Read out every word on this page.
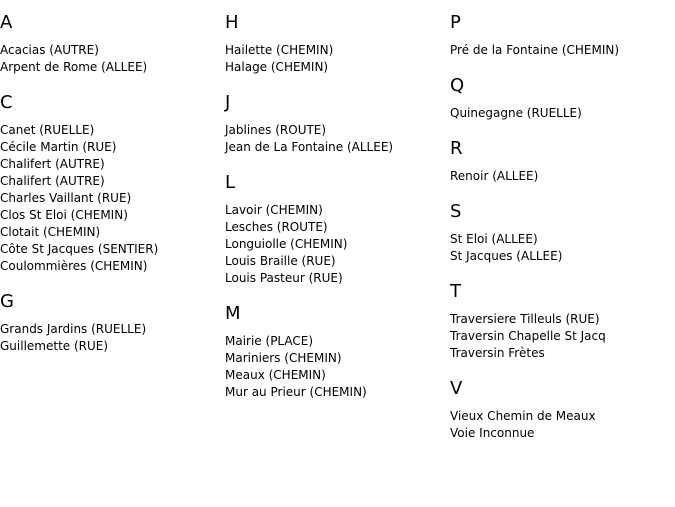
A
Acacias (AUTRE)
Arpent de Rome (ALLEE)
C
Canet (RUELLE)
Cécile Martin (RUE)
Chalifert (AUTRE)
Chalifert (AUTRE)
Charles Vaillant (RUE)
Clos St Eloi (CHEMIN)
Clotait (CHEMIN)
Côte St Jacques (SENTIER)
Coulommières (CHEMIN)
G
Grands Jardins (RUELLE)
Guillemette (RUE)
H
Hailette (CHEMIN)
Halage (CHEMIN)
J
Jablines (ROUTE)
Jean de La Fontaine (ALLEE)
L
Lavoir (CHEMIN)
Lesches (ROUTE)
Longuiolle (CHEMIN)
Louis Braille (RUE)
Louis Pasteur (RUE)
M
Mairie (PLACE)
Mariniers (CHEMIN)
Meaux (CHEMIN)
Mur au Prieur (CHEMIN)
P
Pré de la Fontaine (CHEMIN)
Q
Quinegagne (RUELLE)
R
Renoir (ALLEE)
S
St Eloi (ALLEE)
St Jacques (ALLEE)
T
Traversiere Tilleuls (RUE)
Traversin Chapelle St Jacq
Traversin Frètes
V
Vieux Chemin de Meaux
Voie Inconnue
